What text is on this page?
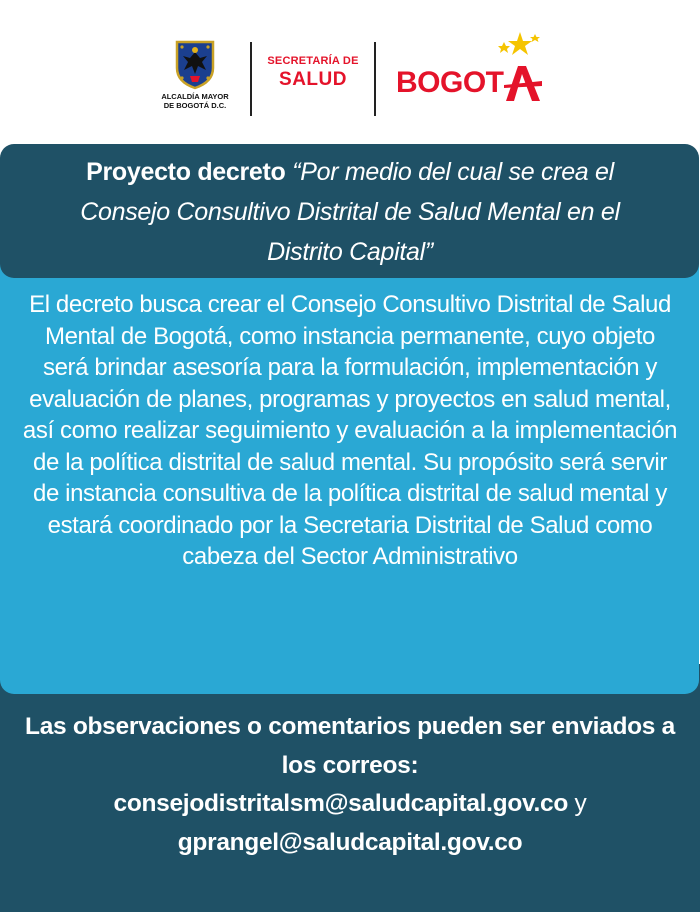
ALCALDÍA MAYOR
DE BOGOTÁ D.C.
SECRETARÍA DE
SALUD	BOGOT
Proyecto decreto “Por medio del cual se crea el Consejo Consultivo Distrital de Salud Mental en el Distrito Capital”
El decreto busca crear el Consejo Consultivo Distrital de Salud Mental de Bogotá, como instancia permanente, cuyo objeto será brindar asesoría para la formulación, implementación y evaluación de planes, programas y proyectos en salud mental, así como realizar seguimiento y evaluación a la implementación de la política distrital de salud mental. Su propósito será servir de instancia consultiva de la política distrital de salud mental y estará coordinado por la Secretaria Distrital de Salud como cabeza del Sector Administrativo
Las observaciones o comentarios pueden ser enviados a los correos:
consejodistritalsm@saludcapital.gov.co y
gprangel@saludcapital.gov.co
